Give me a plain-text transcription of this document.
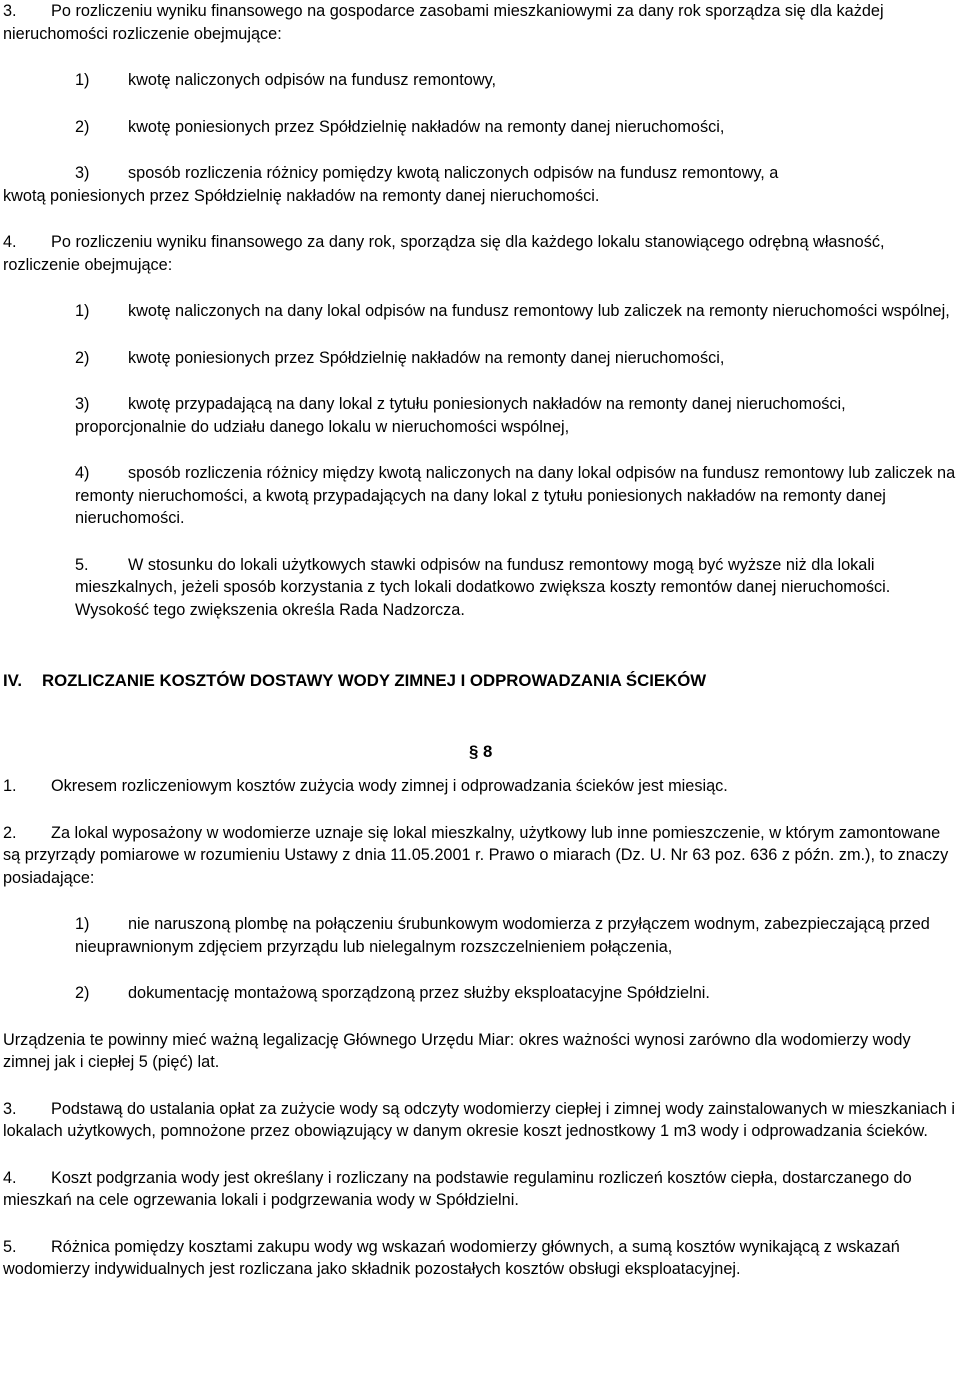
3. Po rozliczeniu wyniku finansowego na gospodarce zasobami mieszkaniowymi za dany rok sporządza się dla każdej nieruchomości rozliczenie obejmujące:

1) kwotę naliczonych odpisów na fundusz remontowy,

2) kwotę poniesionych przez Spółdzielnię nakładów na remonty danej nieruchomości,

3) sposób rozliczenia różnicy pomiędzy kwotą naliczonych odpisów na fundusz remontowy, a

kwotą poniesionych przez Spółdzielnię nakładów na remonty danej nieruchomości.

4. Po rozliczeniu wyniku finansowego za dany rok, sporządza się dla każdego lokalu stanowiącego odrębną własność, rozliczenie obejmujące:

1) kwotę naliczonych na dany lokal odpisów na fundusz remontowy lub zaliczek na remonty nieruchomości wspólnej,

2) kwotę poniesionych przez Spółdzielnię nakładów na remonty danej nieruchomości,

3) kwotę przypadającą na dany lokal z tytułu poniesionych nakładów na remonty danej nieruchomości, proporcjonalnie do udziału danego lokalu w nieruchomości wspólnej,

4) sposób rozliczenia różnicy między kwotą naliczonych na dany lokal odpisów na fundusz remontowy lub zaliczek na remonty nieruchomości, a kwotą przypadających na dany lokal z tytułu poniesionych nakładów na remonty danej nieruchomości.

5. W stosunku do lokali użytkowych stawki odpisów na fundusz remontowy mogą być wyższe niż dla lokali mieszkalnych, jeżeli sposób korzystania z tych lokali dodatkowo zwiększa koszty remontów danej nieruchomości. Wysokość tego zwiększenia określa Rada Nadzorcza.

IV. ROZLICZANIE KOSZTÓW DOSTAWY WODY ZIMNEJ I ODPROWADZANIA ŚCIEKÓW

§ 8

1. Okresem rozliczeniowym kosztów zużycia wody zimnej i odprowadzania ścieków jest miesiąc.

2. Za lokal wyposażony w wodomierze uznaje się lokal mieszkalny, użytkowy lub inne pomieszczenie, w którym zamontowane są przyrządy pomiarowe w rozumieniu Ustawy z dnia 11.05.2001 r. Prawo o miarach (Dz. U. Nr 63 poz. 636 z późn. zm.), to znaczy posiadające:

1) nie naruszoną plombę na połączeniu śrubunkowym wodomierza z przyłączem wodnym, zabezpieczającą przed nieuprawnionym zdjęciem przyrządu lub nielegalnym rozszczelnieniem połączenia,

2) dokumentację montażową sporządzoną przez służby eksploatacyjne Spółdzielni.

Urządzenia te powinny mieć ważną legalizację Głównego Urzędu Miar: okres ważności wynosi zarówno dla wodomierzy wody zimnej jak i ciepłej 5 (pięć) lat.

3. Podstawą do ustalania opłat za zużycie wody są odczyty wodomierzy ciepłej i zimnej wody zainstalowanych w mieszkaniach i lokalach użytkowych, pomnożone przez obowiązujący w danym okresie koszt jednostkowy 1 m3 wody i odprowadzania ścieków.

4. Koszt podgrzania wody jest określany i rozliczany na podstawie regulaminu rozliczeń kosztów ciepła, dostarczanego do mieszkań na cele ogrzewania lokali i podgrzewania wody w Spółdzielni.

5. Różnica pomiędzy kosztami zakupu wody wg wskazań wodomierzy głównych, a sumą kosztów wynikającą z wskazań wodomierzy indywidualnych jest rozliczana jako składnik pozostałych kosztów obsługi eksploatacyjnej.
